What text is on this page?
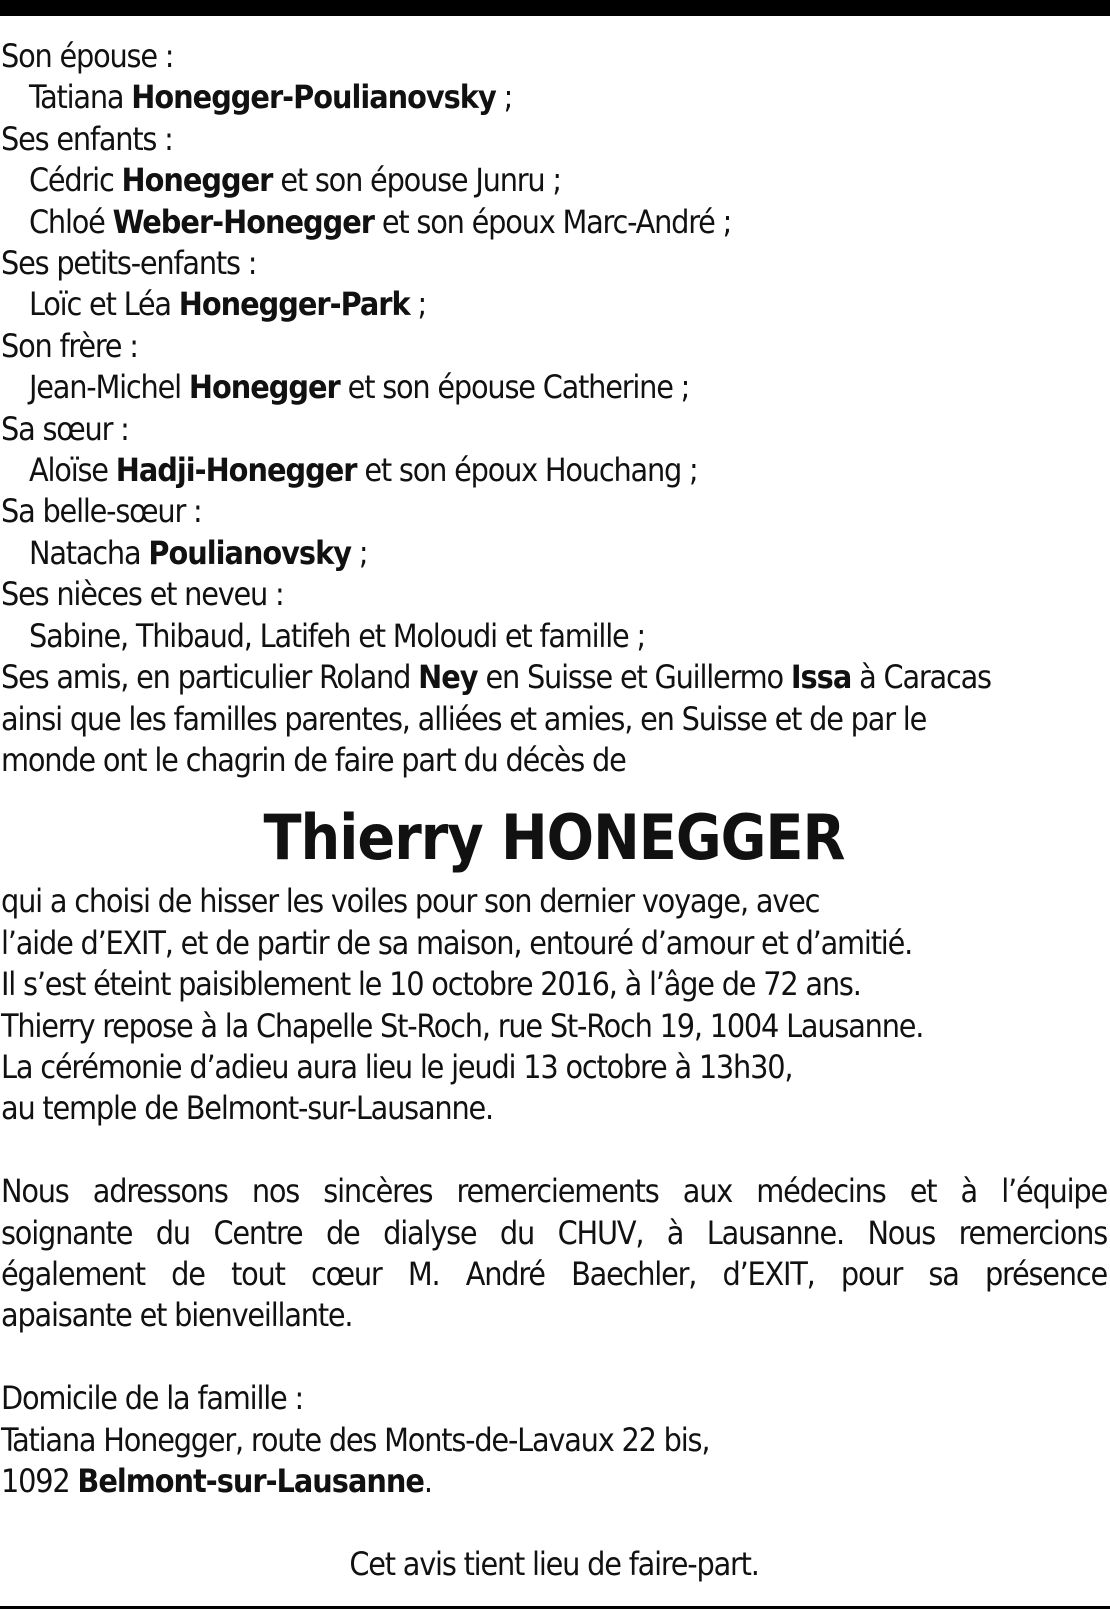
Son épouse :
Tatiana Honegger-Poulianovsky ;
Ses enfants :
Cédric Honegger et son épouse Junru ;
Chloé Weber-Honegger et son époux Marc-André ;
Ses petits-enfants :
Loïc et Léa Honegger-Park ;
Son frère :
Jean-Michel Honegger et son épouse Catherine ;
Sa sœur :
Aloïse Hadji-Honegger et son époux Houchang ;
Sa belle-sœur :
Natacha Poulianovsky ;
Ses nièces et neveu :
Sabine, Thibaud, Latifeh et Moloudi et famille ;
Ses amis, en particulier Roland Ney en Suisse et Guillermo Issa à Caracas
ainsi que les familles parentes, alliées et amies, en Suisse et de par le
monde ont le chagrin de faire part du décès de
Thierry HONEGGER
qui a choisi de hisser les voiles pour son dernier voyage, avec
l’aide d’EXIT, et de partir de sa maison, entouré d’amour et d’amitié.
Il s’est éteint paisiblement le 10 octobre 2016, à l’âge de 72 ans.
Thierry repose à la Chapelle St-Roch, rue St-Roch 19, 1004 Lausanne.
La cérémonie d’adieu aura lieu le jeudi 13 octobre à 13h30,
au temple de Belmont-sur-Lausanne.
Nous adressons nos sincères remerciements aux médecins et à l’équipe
soignante du Centre de dialyse du CHUV, à Lausanne. Nous remercions
également de tout cœur M. André Baechler, d’EXIT, pour sa présence
apaisante et bienveillante.
Domicile de la famille :
Tatiana Honegger, route des Monts-de-Lavaux 22 bis,
1092 Belmont-sur-Lausanne.
Cet avis tient lieu de faire-part.
